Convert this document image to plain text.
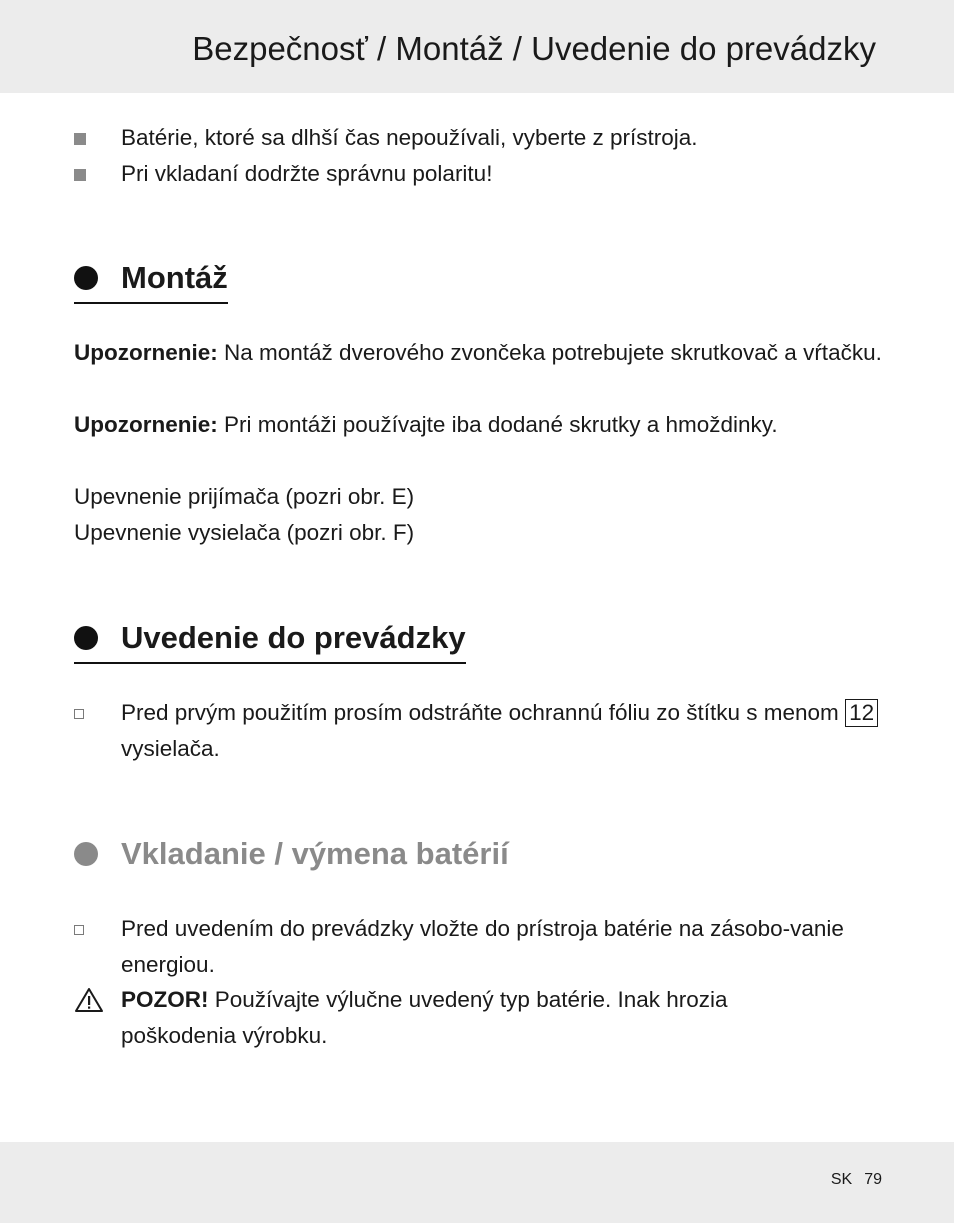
Bezpečnosť / Montáž / Uvedenie do prevádzky
Batérie, ktoré sa dlhší čas nepoužívali, vyberte z prístroja.
Pri vkladaní dodržte správnu polaritu!
Montáž
Upozornenie: Na montáž dverového zvončeka potrebujete skrutkovač a vŕtačku.
Upozornenie: Pri montáži používajte iba dodané skrutky a hmoždinky.
Upevnenie prijímača (pozri obr. E)
Upevnenie vysielača (pozri obr. F)
Uvedenie do prevádzky
Pred prvým použitím prosím odstráňte ochrannú fóliu zo štítku s menom 12 vysielača.
Vkladanie / výmena batérií
Pred uvedením do prevádzky vložte do prístroja batérie na zásobo-vanie energiou.
POZOR! Používajte výlučne uvedený typ batérie. Inak hrozia poškodenia výrobku.
SK 79
